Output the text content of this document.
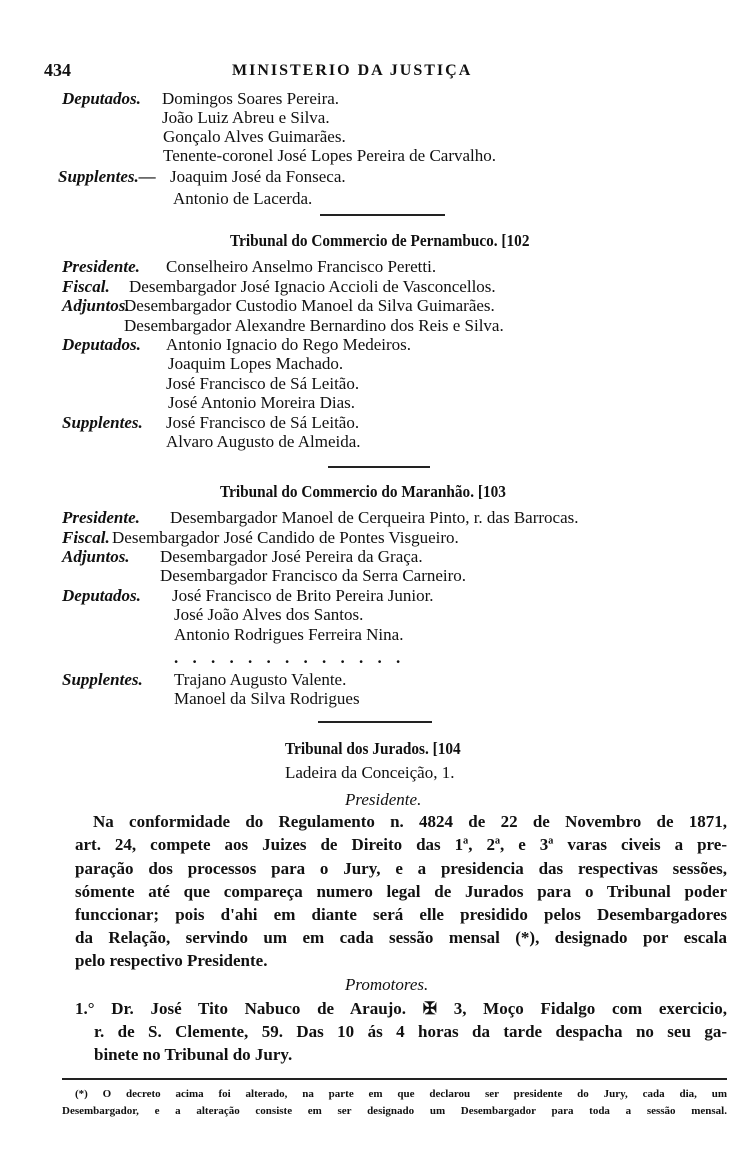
434	MINISTERIO DA JUSTIÇA
Deputados. Domingos Soares Pereira.
João Luiz Abreu e Silva.
Gonçalo Alves Guimarães.
Tenente-coronel José Lopes Pereira de Carvalho.
Supplentes.— Joaquim José da Fonseca.
Antonio de Lacerda.
Tribunal do Commercio de Pernambuco. [102
Presidente. Conselheiro Anselmo Francisco Peretti.
Fiscal. Desembargador José Ignacio Accioli de Vasconcellos.
Adjuntos.
Desembargador Custodio Manoel da Silva Guimarães.
Desembargador Alexandre Bernardino dos Reis e Silva.
Deputados. Antonio Ignacio do Rego Medeiros.
Joaquim Lopes Machado.
José Francisco de Sá Leitão.
José Antonio Moreira Dias.
Supplentes. José Francisco de Sá Leitão.
Alvaro Augusto de Almeida.
Tribunal do Commercio do Maranhão. [103
Presidente. Desembargador Manoel de Cerqueira Pinto, r. das Barrocas.
Fiscal. Desembargador José Candido de Pontes Visgueiro.
Adjuntos. Desembargador José Pereira da Graça.
Desembargador Francisco da Serra Carneiro.
Deputados. José Francisco de Brito Pereira Junior.
José João Alves dos Santos.
Antonio Rodrigues Ferreira Nina.
. . . . . . . . . . . . .
Supplentes. Trajano Augusto Valente.
Manoel da Silva Rodrigues
Tribunal dos Jurados. [104
Ladeira da Conceição, 1.
Presidente.
Na conformidade do Regulamento n. 4824 de 22 de Novembro de 1871,
art. 24, compete aos Juizes de Direito das 1ª, 2ª, e 3ª varas civeis a pre-
paração dos processos para o Jury, e a presidencia das respectivas sessões,
sómente até que compareça numero legal de Jurados para o Tribunal poder
funccionar; pois d'ahi em diante será elle presidido pelos Desembargadores
da Relação, servindo um em cada sessão mensal (*), designado por escala
pelo respectivo Presidente.
Promotores.
1.° Dr. José Tito Nabuco de Araujo. ✠ 3, Moço Fidalgo com exercicio,
r. de S. Clemente, 59. Das 10 ás 4 horas da tarde despacha no seu ga-
binete no Tribunal do Jury.
(*) O decreto acima foi alterado, na parte em que declarou ser presidente do Jury, cada dia, um
Desembargador, e a alteração consiste em ser designado um Desembargador para toda a sessão mensal.
